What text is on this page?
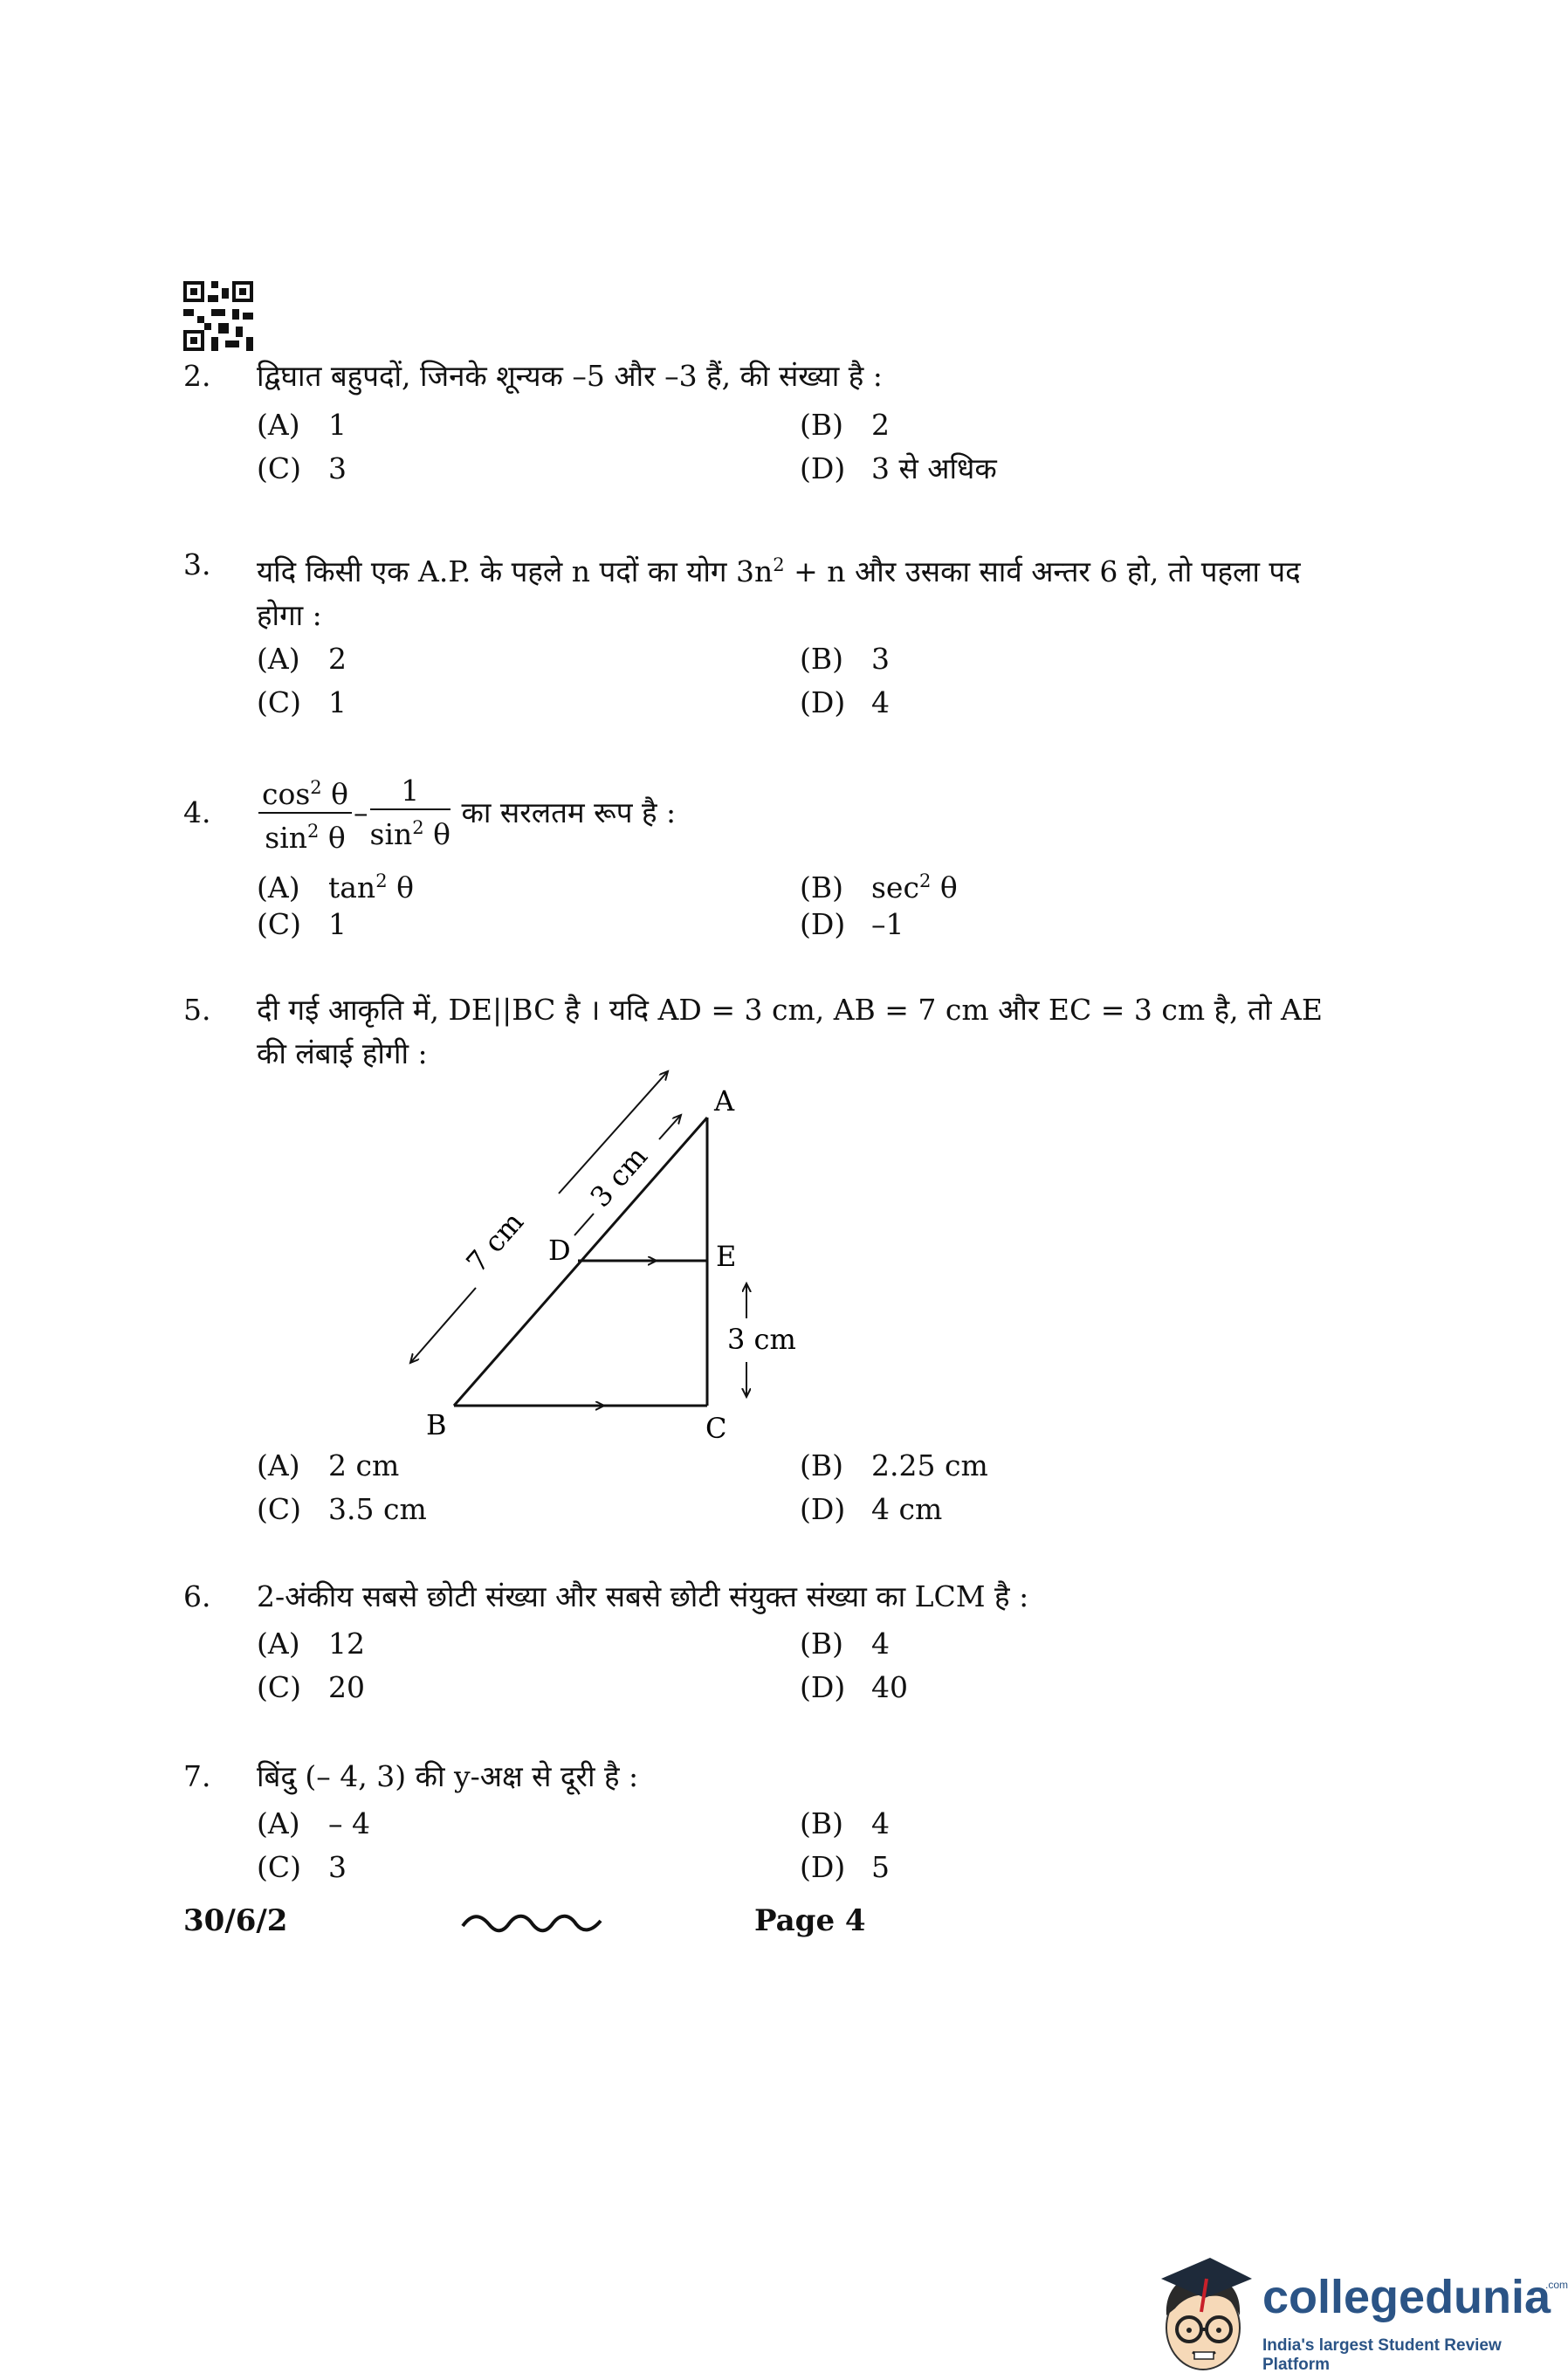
2.	द्विघात बहुपदों, जिनके शून्यक –5 और –3 हैं, की संख्या है :
(A) 1	(B) 2
(C) 3	(D) 3 से अधिक
3.	यदि किसी एक A.P. के पहले n पदों का योग $3n^2 + n$ और उसका सार्व अन्तर 6 हो, तो पहला पद
होगा :
(A) 2	(B) 3
(C) 1	(D) 4
4.	$\frac{\cos^2 \theta}{\sin^2 \theta} - \frac{1}{\sin^2 \theta}$ का सरलतम रूप है :
(A) $\tan^2 \theta$	(B) $\sec^2 \theta$
(C) 1	(D) –1
5.	दी गई आकृति में, DE||BC है । यदि AD = 3 cm, AB = 7 cm और EC = 3 cm है, तो AE
की लंबाई होगी :
7 cm
3 cm
3 cm
A
B	C
D	E
(A) 2 cm	(B) 2.25 cm
(C) 3.5 cm	(D) 4 cm
6.	2-अंकीय सबसे छोटी संख्या और सबसे छोटी संयुक्त संख्या का LCM है :
(A) 12	(B) 4
(C) 20	(D) 40
7.	बिंदु (– 4, 3) की y-अक्ष से दूरी है :
(A) – 4	(B) 4
(C) 3	(D) 5
30/6/2	Page 4
collegedunia
.com
India's largest Student Review Platform
